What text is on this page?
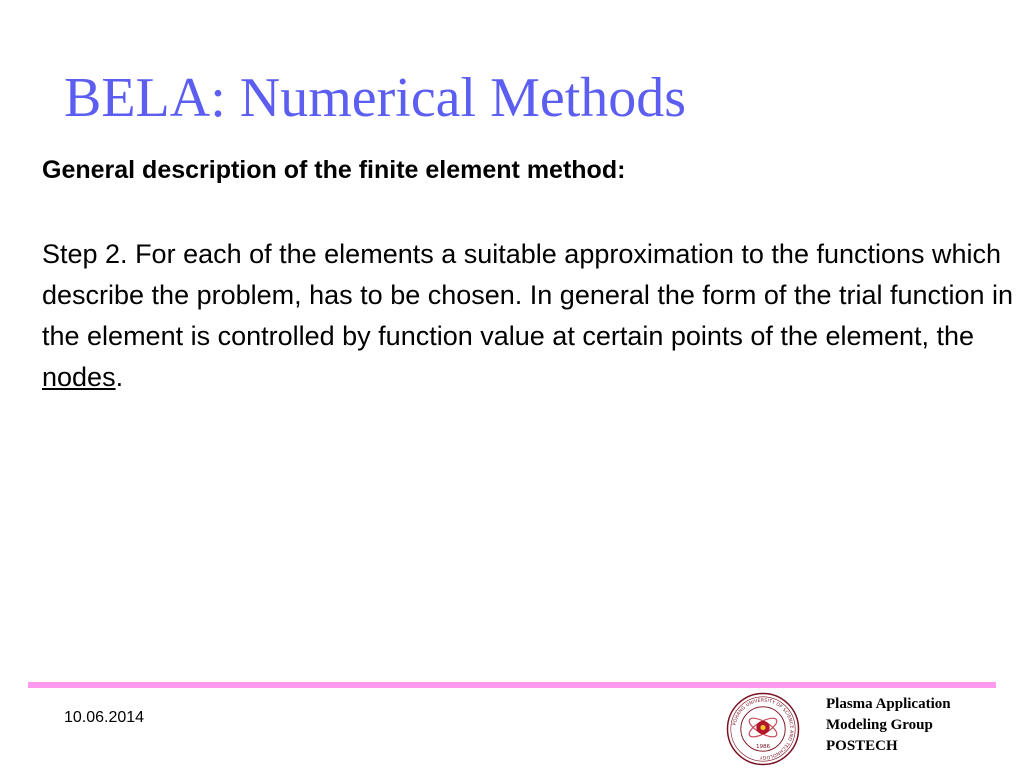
BELA: Numerical Methods

General description of the finite element method:

Step 2. For each of the elements a suitable approximation to the functions which describe the problem, has to be chosen. In general the form of the trial function in the element is controlled by function value at certain points of the element, the nodes.

10.06.2014	POHANG UNIVERSITY OF SCIENCE AND TECHNOLOGY
1986
Plasma Application
Modeling Group
POSTECH
